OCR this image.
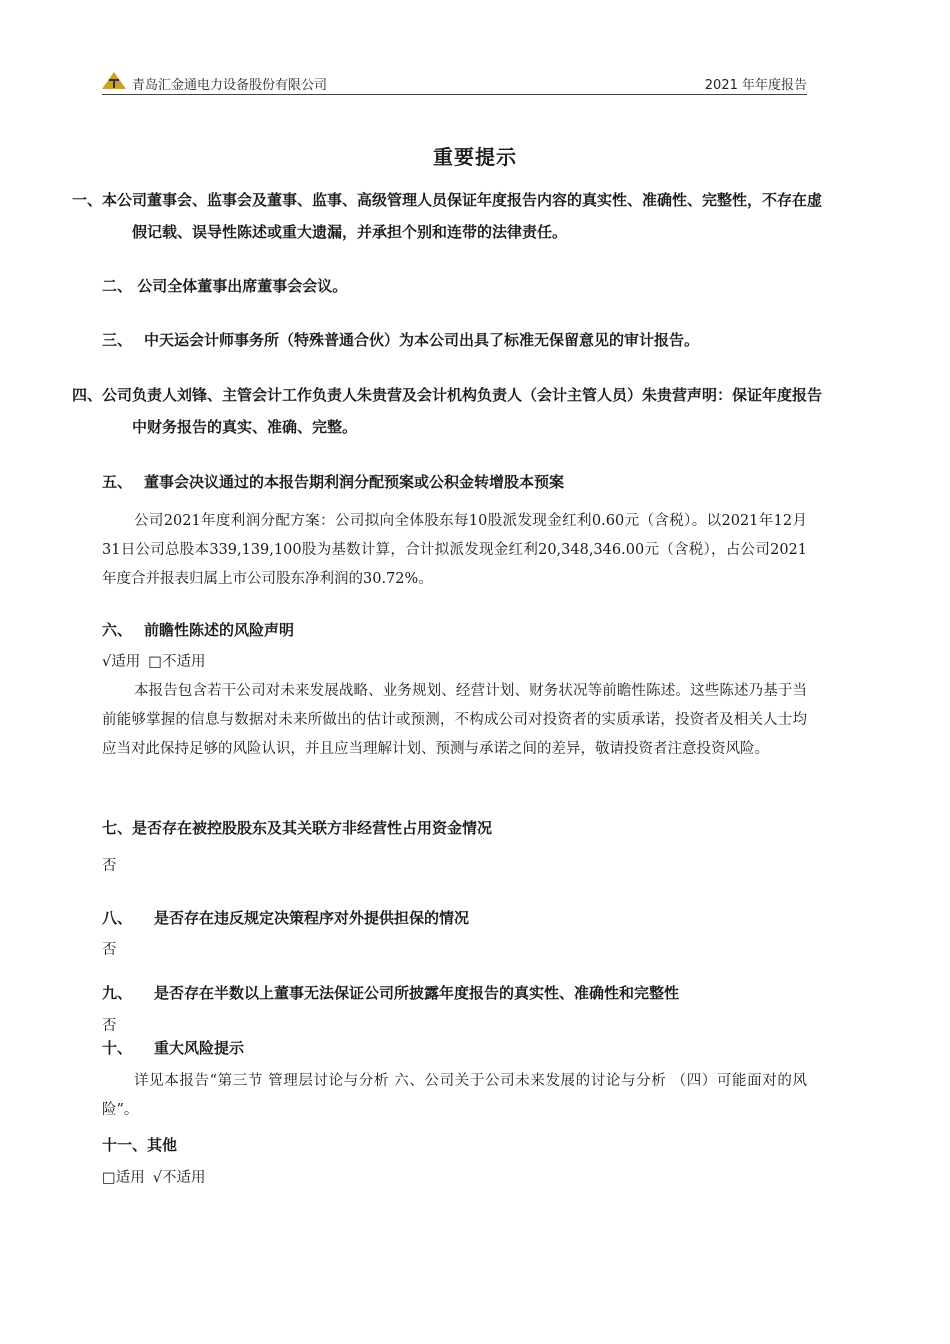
青岛汇金通电力设备股份有限公司	2021 年年度报告
重要提示
一、本公司董事会、监事会及董事、监事、高级管理人员保证年度报告内容的真实性、准确性、完整性，不存在虚假记载、误导性陈述或重大遗漏，并承担个别和连带的法律责任。
二、 公司全体董事出席董事会会议。
三、 中天运会计师事务所（特殊普通合伙）为本公司出具了标准无保留意见的审计报告。
四、公司负责人刘锋、主管会计工作负责人朱贵营及会计机构负责人（会计主管人员）朱贵营声明：保证年度报告中财务报告的真实、准确、完整。
五、 董事会决议通过的本报告期利润分配预案或公积金转增股本预案
公司2021年度利润分配方案：公司拟向全体股东每10股派发现金红利0.60元（含税）。以2021年12月31日公司总股本339,139,100股为基数计算，合计拟派发现金红利20,348,346.00元（含税），占公司2021年度合并报表归属上市公司股东净利润的30.72%。
六、 前瞻性陈述的风险声明
√适用 □不适用
本报告包含若干公司对未来发展战略、业务规划、经营计划、财务状况等前瞻性陈述。这些陈述乃基于当前能够掌握的信息与数据对未来所做出的估计或预测，不构成公司对投资者的实质承诺，投资者及相关人士均应当对此保持足够的风险认识，并且应当理解计划、预测与承诺之间的差异，敬请投资者注意投资风险。
七、是否存在被控股股东及其关联方非经营性占用资金情况
否
八、 是否存在违反规定决策程序对外提供担保的情况
否
九、 是否存在半数以上董事无法保证公司所披露年度报告的真实性、准确性和完整性
否
十、 重大风险提示
详见本报告“第三节 管理层讨论与分析 六、公司关于公司未来发展的讨论与分析 （四）可能面对的风险”。
十一、其他
□适用 √不适用
